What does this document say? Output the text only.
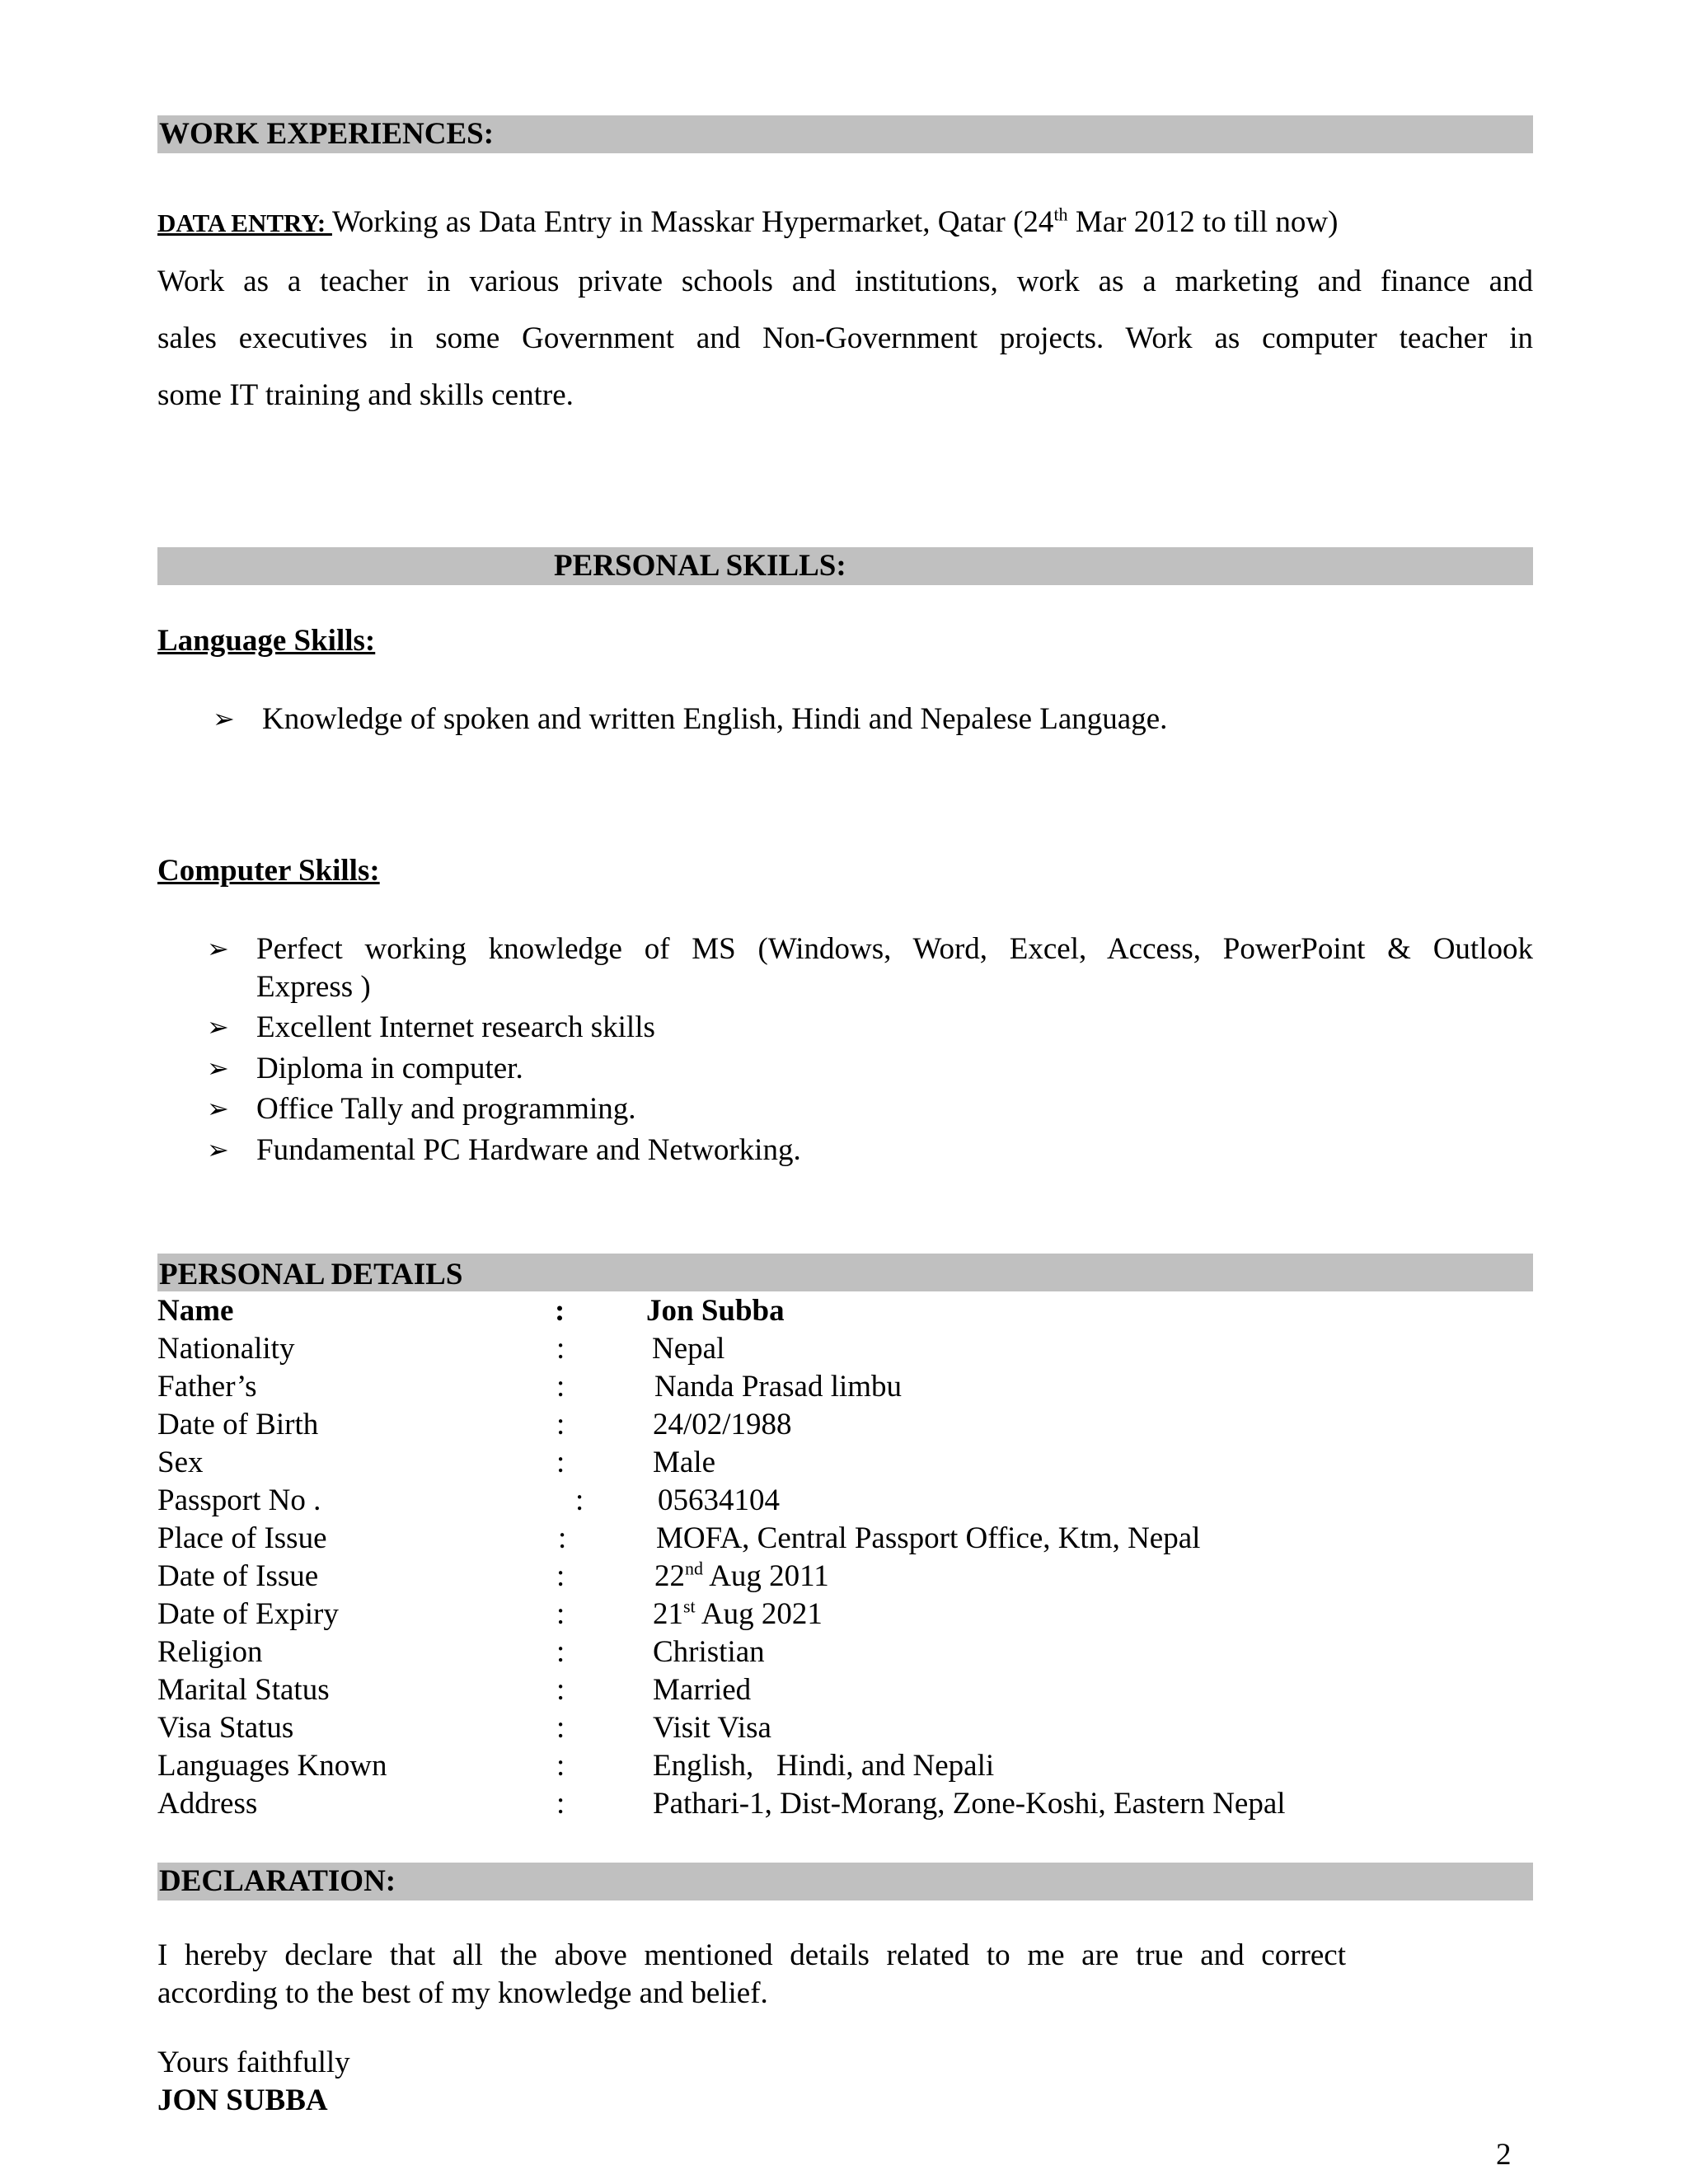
WORK EXPERIENCES:
DATA ENTRY: Working as Data Entry in Masskar Hypermarket, Qatar (24th Mar 2012 to till now)
Work as a teacher in various private schools and institutions, work as a marketing and finance and
sales executives in some Government and Non-Government projects. Work as computer teacher in
some IT training and skills centre.
PERSONAL SKILLS:
Language Skills:
➢ Knowledge of spoken and written English, Hindi and Nepalese Language.
Computer Skills:
➢ Perfect working knowledge of MS (Windows, Word, Excel, Access, PowerPoint & Outlook
Express )
➢ Excellent Internet research skills
➢ Diploma in computer.
➢ Office Tally and programming.
➢ Fundamental PC Hardware and Networking.
PERSONAL DETAILS
Name	:	Jon Subba
Nationality	:	Nepal
Father’s	:	Nanda Prasad limbu
Date of Birth	:	24/02/1988
Sex	:	Male
Passport No .	: 05634104
Place of Issue	:	MOFA, Central Passport Office, Ktm, Nepal
Date of Issue	:	22nd Aug 2011
Date of Expiry	:	21st Aug 2021
Religion	:	Christian
Marital Status	:	Married
Visa Status	:	Visit Visa
Languages Known	:	English,   Hindi, and Nepali
Address	:	Pathari-1, Dist-Morang, Zone-Koshi, Eastern Nepal
DECLARATION:
I hereby declare that all the above mentioned details related to me are true and correct
according to the best of my knowledge and belief.
Yours faithfully
JON SUBBA
2
